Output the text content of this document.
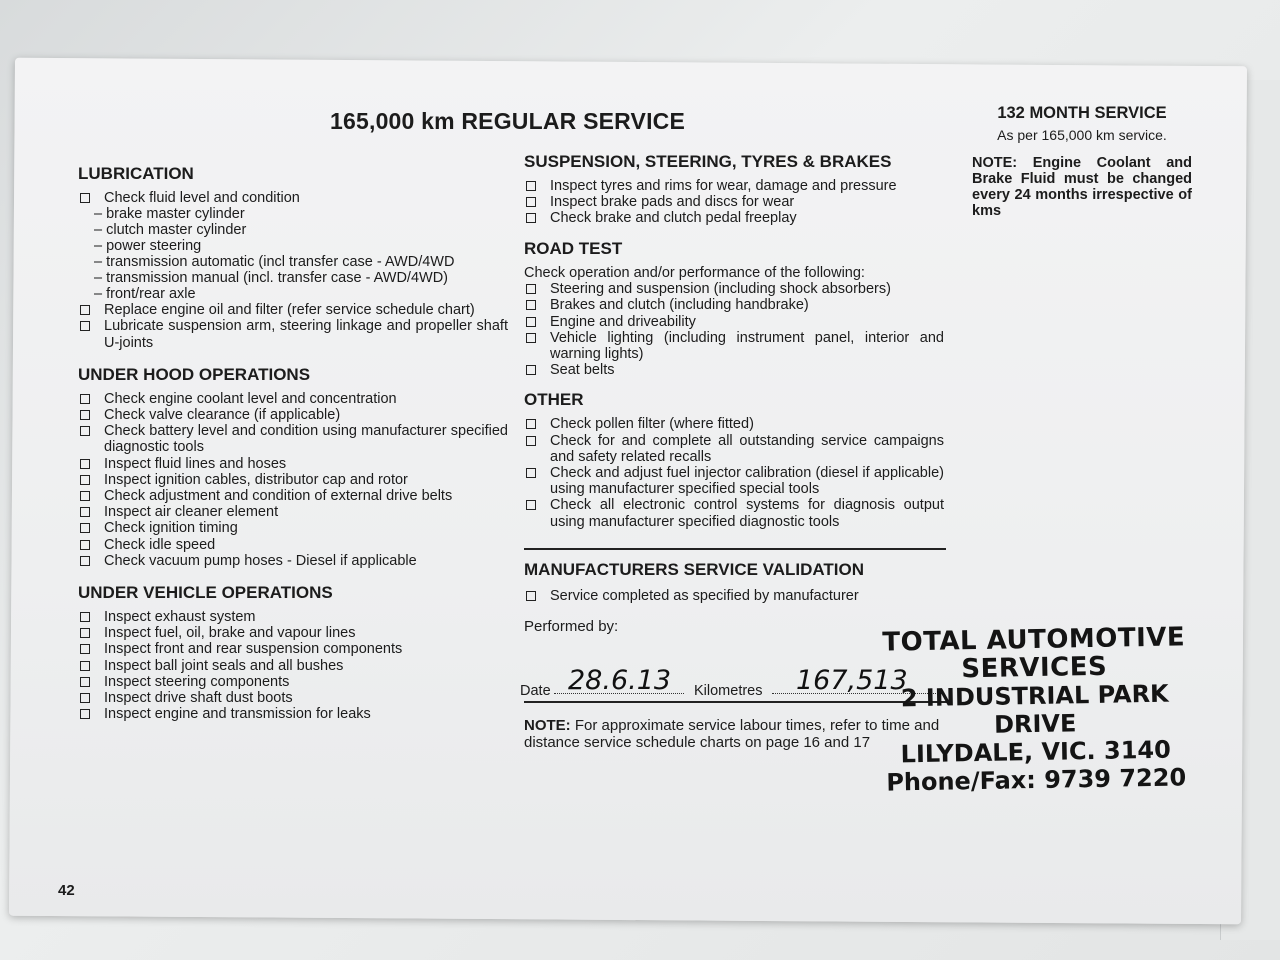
165,000 km REGULAR SERVICE
LUBRICATION
Check fluid level and condition
– brake master cylinder
– clutch master cylinder
– power steering
– transmission automatic (incl transfer case - AWD/4WD
– transmission manual (incl. transfer case - AWD/4WD)
– front/rear axle
Replace engine oil and filter (refer service schedule chart)
Lubricate suspension arm, steering linkage and propeller shaft U-joints
UNDER HOOD OPERATIONS
Check engine coolant level and concentration
Check valve clearance (if applicable)
Check battery level and condition using manufacturer specified diagnostic tools
Inspect fluid lines and hoses
Inspect ignition cables, distributor cap and rotor
Check adjustment and condition of external drive belts
Inspect air cleaner element
Check ignition timing
Check idle speed
Check vacuum pump hoses - Diesel if applicable
UNDER VEHICLE OPERATIONS
Inspect exhaust system
Inspect fuel, oil, brake and vapour lines
Inspect front and rear suspension components
Inspect ball joint seals and all bushes
Inspect steering components
Inspect drive shaft dust boots
Inspect engine and transmission for leaks
SUSPENSION, STEERING, TYRES & BRAKES
Inspect tyres and rims for wear, damage and pressure
Inspect brake pads and discs for wear
Check brake and clutch pedal freeplay
ROAD TEST
Check operation and/or performance of the following:
Steering and suspension (including shock absorbers)
Brakes and clutch (including handbrake)
Engine and driveability
Vehicle lighting (including instrument panel, interior and warning lights)
Seat belts
OTHER
Check pollen filter (where fitted)
Check for and complete all outstanding service campaigns and safety related recalls
Check and adjust fuel injector calibration (diesel if applicable) using manufacturer specified special tools
Check all electronic control systems for diagnosis output using manufacturer specified diagnostic tools
MANUFACTURERS SERVICE VALIDATION
Service completed as specified by manufacturer
Performed by:
Date 28.6.13 Kilometres 167,513
NOTE: For approximate service labour times, refer to time and distance service schedule charts on page 16 and 17
132 MONTH SERVICE
As per 165,000 km service.
NOTE: Engine Coolant and Brake Fluid must be changed every 24 months irrespective of kms
TOTAL AUTOMOTIVE SERVICES
2 INDUSTRIAL PARK DRIVE
LILYDALE, VIC. 3140
Phone/Fax: 9739 7220
42
